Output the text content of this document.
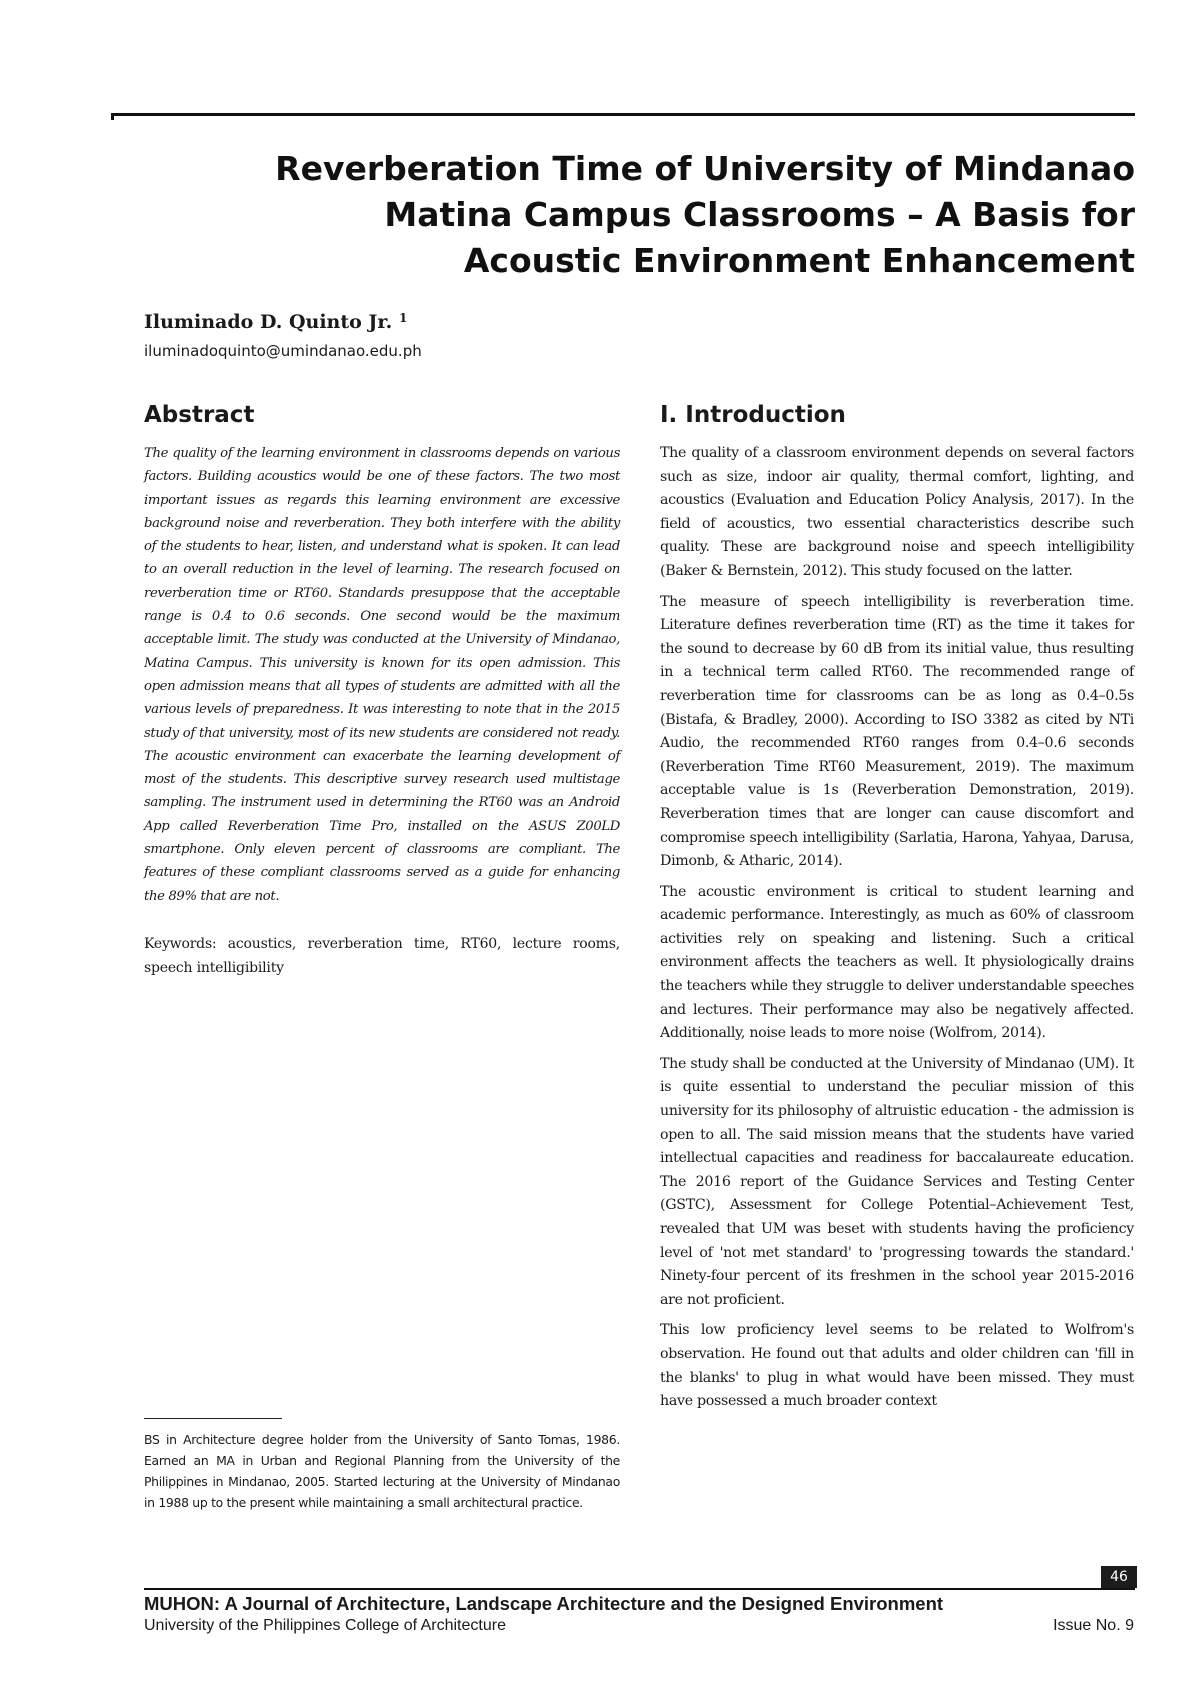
Reverberation Time of University of Mindanao
Matina Campus Classrooms – A Basis for
Acoustic Environment Enhancement

Iluminado D. Quinto Jr. $^1$

iluminadoquinto@umindanao.edu.ph
Abstract

The quality of the learning environment in classrooms depends on various factors. Building acoustics would be one of these factors. The two most important issues as regards this learning environment are excessive background noise and reverberation. They both interfere with the ability of the students to hear, listen, and understand what is spoken. It can lead to an overall reduction in the level of learning. The research focused on reverberation time or RT60. Standards presuppose that the acceptable range is 0.4 to 0.6 seconds. One second would be the maximum acceptable limit. The study was conducted at the University of Mindanao, Matina Campus. This university is known for its open admission. This open admission means that all types of students are admitted with all the various levels of preparedness. It was interesting to note that in the 2015 study of that university, most of its new students are considered not ready. The acoustic environment can exacerbate the learning development of most of the students. This descriptive survey research used multistage sampling. The instrument used in determining the RT60 was an Android App called Reverberation Time Pro, installed on the ASUS Z00LD smartphone. Only eleven percent of classrooms are compliant. The features of these compliant classrooms served as a guide for enhancing the 89% that are not.

Keywords: acoustics, reverberation time, RT60, lecture rooms, speech intelligibility

I. Introduction

The quality of a classroom environment depends on several factors such as size, indoor air quality, thermal comfort, lighting, and acoustics (Evaluation and Education Policy Analysis, 2017). In the field of acoustics, two essential characteristics describe such quality. These are background noise and speech intelligibility (Baker & Bernstein, 2012). This study focused on the latter.

The measure of speech intelligibility is reverberation time. Literature defines reverberation time (RT) as the time it takes for the sound to decrease by 60 dB from its initial value, thus resulting in a technical term called RT60. The recommended range of reverberation time for classrooms can be as long as 0.4–0.5s (Bistafa, & Bradley, 2000). According to ISO 3382 as cited by NTi Audio, the recommended RT60 ranges from 0.4–0.6 seconds (Reverberation Time RT60 Measurement, 2019). The maximum acceptable value is 1s (Reverberation Demonstration, 2019). Reverberation times that are longer can cause discomfort and compromise speech intelligibility (Sarlatia, Harona, Yahyaa, Darusa, Dimonb, & Atharic, 2014).

The acoustic environment is critical to student learning and academic performance. Interestingly, as much as 60% of classroom activities rely on speaking and listening. Such a critical environment affects the teachers as well. It physiologically drains the teachers while they struggle to deliver understandable speeches and lectures. Their performance may also be negatively affected. Additionally, noise leads to more noise (Wolfrom, 2014).

The study shall be conducted at the University of Mindanao (UM). It is quite essential to understand the peculiar mission of this university for its philosophy of altruistic education - the admission is open to all. The said mission means that the students have varied intellectual capacities and readiness for baccalaureate education. The 2016 report of the Guidance Services and Testing Center (GSTC), Assessment for College Potential–Achievement Test, revealed that UM was beset with students having the proficiency level of 'not met standard' to 'progressing towards the standard.' Ninety-four percent of its freshmen in the school year 2015-2016 are not proficient.

This low proficiency level seems to be related to Wolfrom's observation. He found out that adults and older children can 'fill in the blanks' to plug in what would have been missed. They must have possessed a much broader context

BS in Architecture degree holder from the University of Santo Tomas, 1986. Earned an MA in Urban and Regional Planning from the University of the Philippines in Mindanao, 2005. Started lecturing at the University of Mindanao in 1988 up to the present while maintaining a small architectural practice.

46
MUHON: A Journal of Architecture, Landscape Architecture and the Designed Environment
University of the Philippines College of Architecture	Issue No. 9
